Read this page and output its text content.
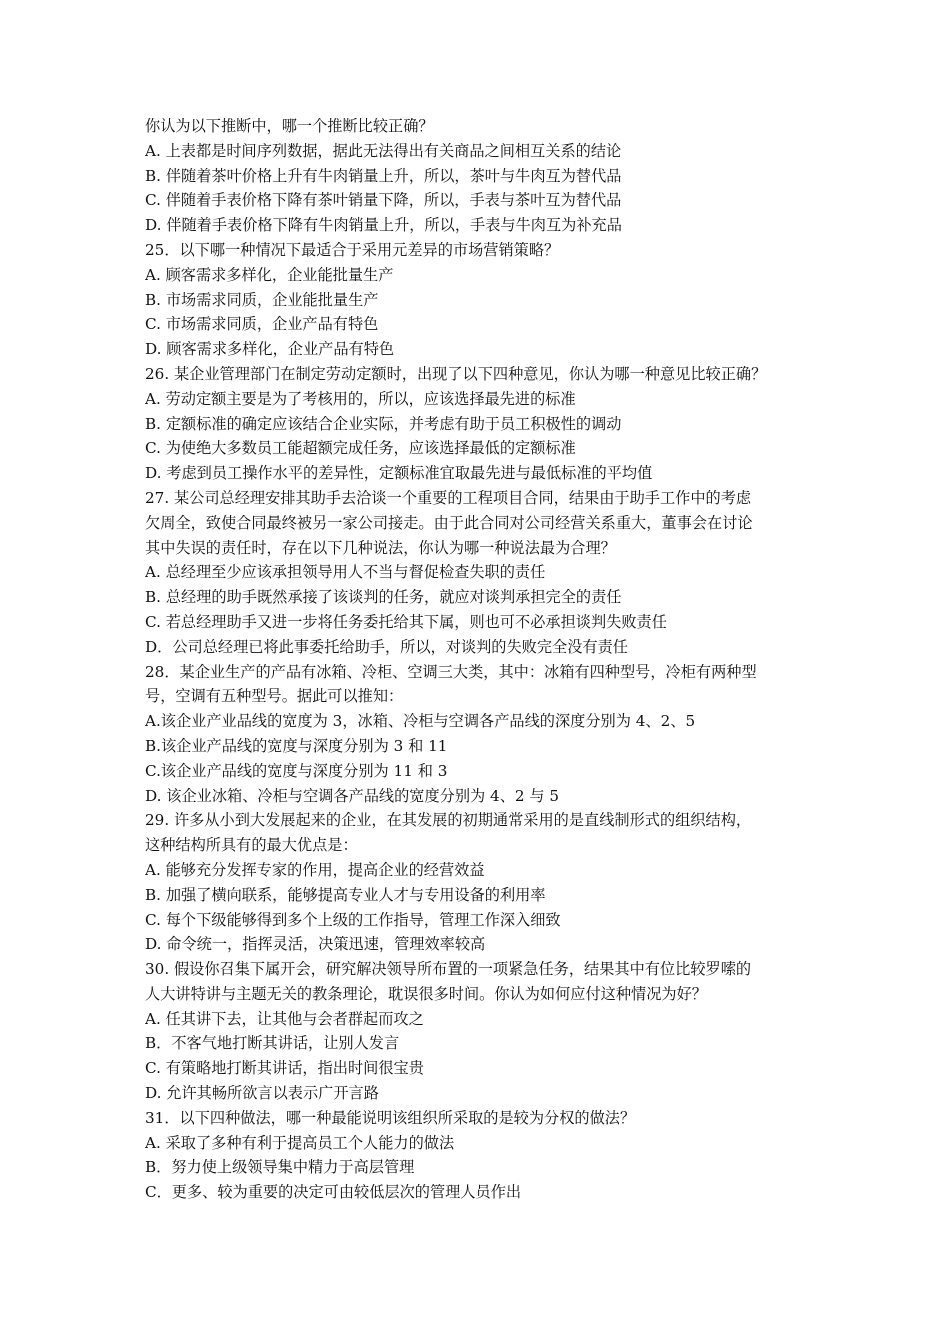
你认为以下推断中，哪一个推断比较正确？
A. 上表都是时间序列数据，据此无法得出有关商品之间相互关系的结论
B. 伴随着茶叶价格上升有牛肉销量上升，所以，茶叶与牛肉互为替代品
C. 伴随着手表价格下降有茶叶销量下降，所以，手表与茶叶互为替代品
D. 伴随着手表价格下降有牛肉销量上升，所以，手表与牛肉互为补充品
25．以下哪一种情况下最适合于采用元差异的市场营销策略？
A. 顾客需求多样化，企业能批量生产
B. 市场需求同质，企业能批量生产
C. 市场需求同质，企业产品有特色
D. 顾客需求多样化，企业产品有特色
26. 某企业管理部门在制定劳动定额时，出现了以下四种意见，你认为哪一种意见比较正确？
A. 劳动定额主要是为了考核用的，所以，应该选择最先进的标准
B. 定额标准的确定应该结合企业实际，并考虑有助于员工积极性的调动
C. 为使绝大多数员工能超额完成任务，应该选择最低的定额标准
D. 考虑到员工操作水平的差异性，定额标准宜取最先进与最低标准的平均值
27. 某公司总经理安排其助手去洽谈一个重要的工程项目合同，结果由于助手工作中的考虑
欠周全，致使合同最终被另一家公司接走。由于此合同对公司经营关系重大，董事会在讨论
其中失误的责任时，存在以下几种说法，你认为哪一种说法最为合理？
A. 总经理至少应该承担领导用人不当与督促检查失职的责任
B. 总经理的助手既然承接了该谈判的任务，就应对谈判承担完全的责任
C. 若总经理助手又进一步将任务委托给其下属，则也可不必承担谈判失败责任
D．公司总经理已将此事委托给助手，所以，对谈判的失败完全没有责任
28．某企业生产的产品有冰箱、冷柜、空调三大类，其中：冰箱有四种型号，冷柜有两种型
号，空调有五种型号。据此可以推知：
A.该企业产业品线的宽度为 3，冰箱、冷柜与空调各产品线的深度分别为 4、2、5
B.该企业产品线的宽度与深度分别为 3 和 11
C.该企业产品线的宽度与深度分别为 11 和 3
D. 该企业冰箱、冷柜与空调各产品线的宽度分别为 4、2 与 5
29. 许多从小到大发展起来的企业，在其发展的初期通常采用的是直线制形式的组织结构，
这种结构所具有的最大优点是：
A. 能够充分发挥专家的作用，提高企业的经营效益
B. 加强了横向联系，能够提高专业人才与专用设备的利用率
C. 每个下级能够得到多个上级的工作指导，管理工作深入细致
D. 命令统一，指挥灵活，决策迅速，管理效率较高
30. 假设你召集下属开会，研究解决领导所布置的一项紧急任务，结果其中有位比较罗嗦的
人大讲特讲与主题无关的教条理论，耽误很多时间。你认为如何应付这种情况为好？
A. 任其讲下去，让其他与会者群起而攻之
B．不客气地打断其讲话，让别人发言
C. 有策略地打断其讲话，指出时间很宝贵
D. 允许其畅所欲言以表示广开言路
31．以下四种做法，哪一种最能说明该组织所采取的是较为分权的做法？
A. 采取了多种有利于提高员工个人能力的做法
B．努力使上级领导集中精力于高层管理
C．更多、较为重要的决定可由较低层次的管理人员作出
